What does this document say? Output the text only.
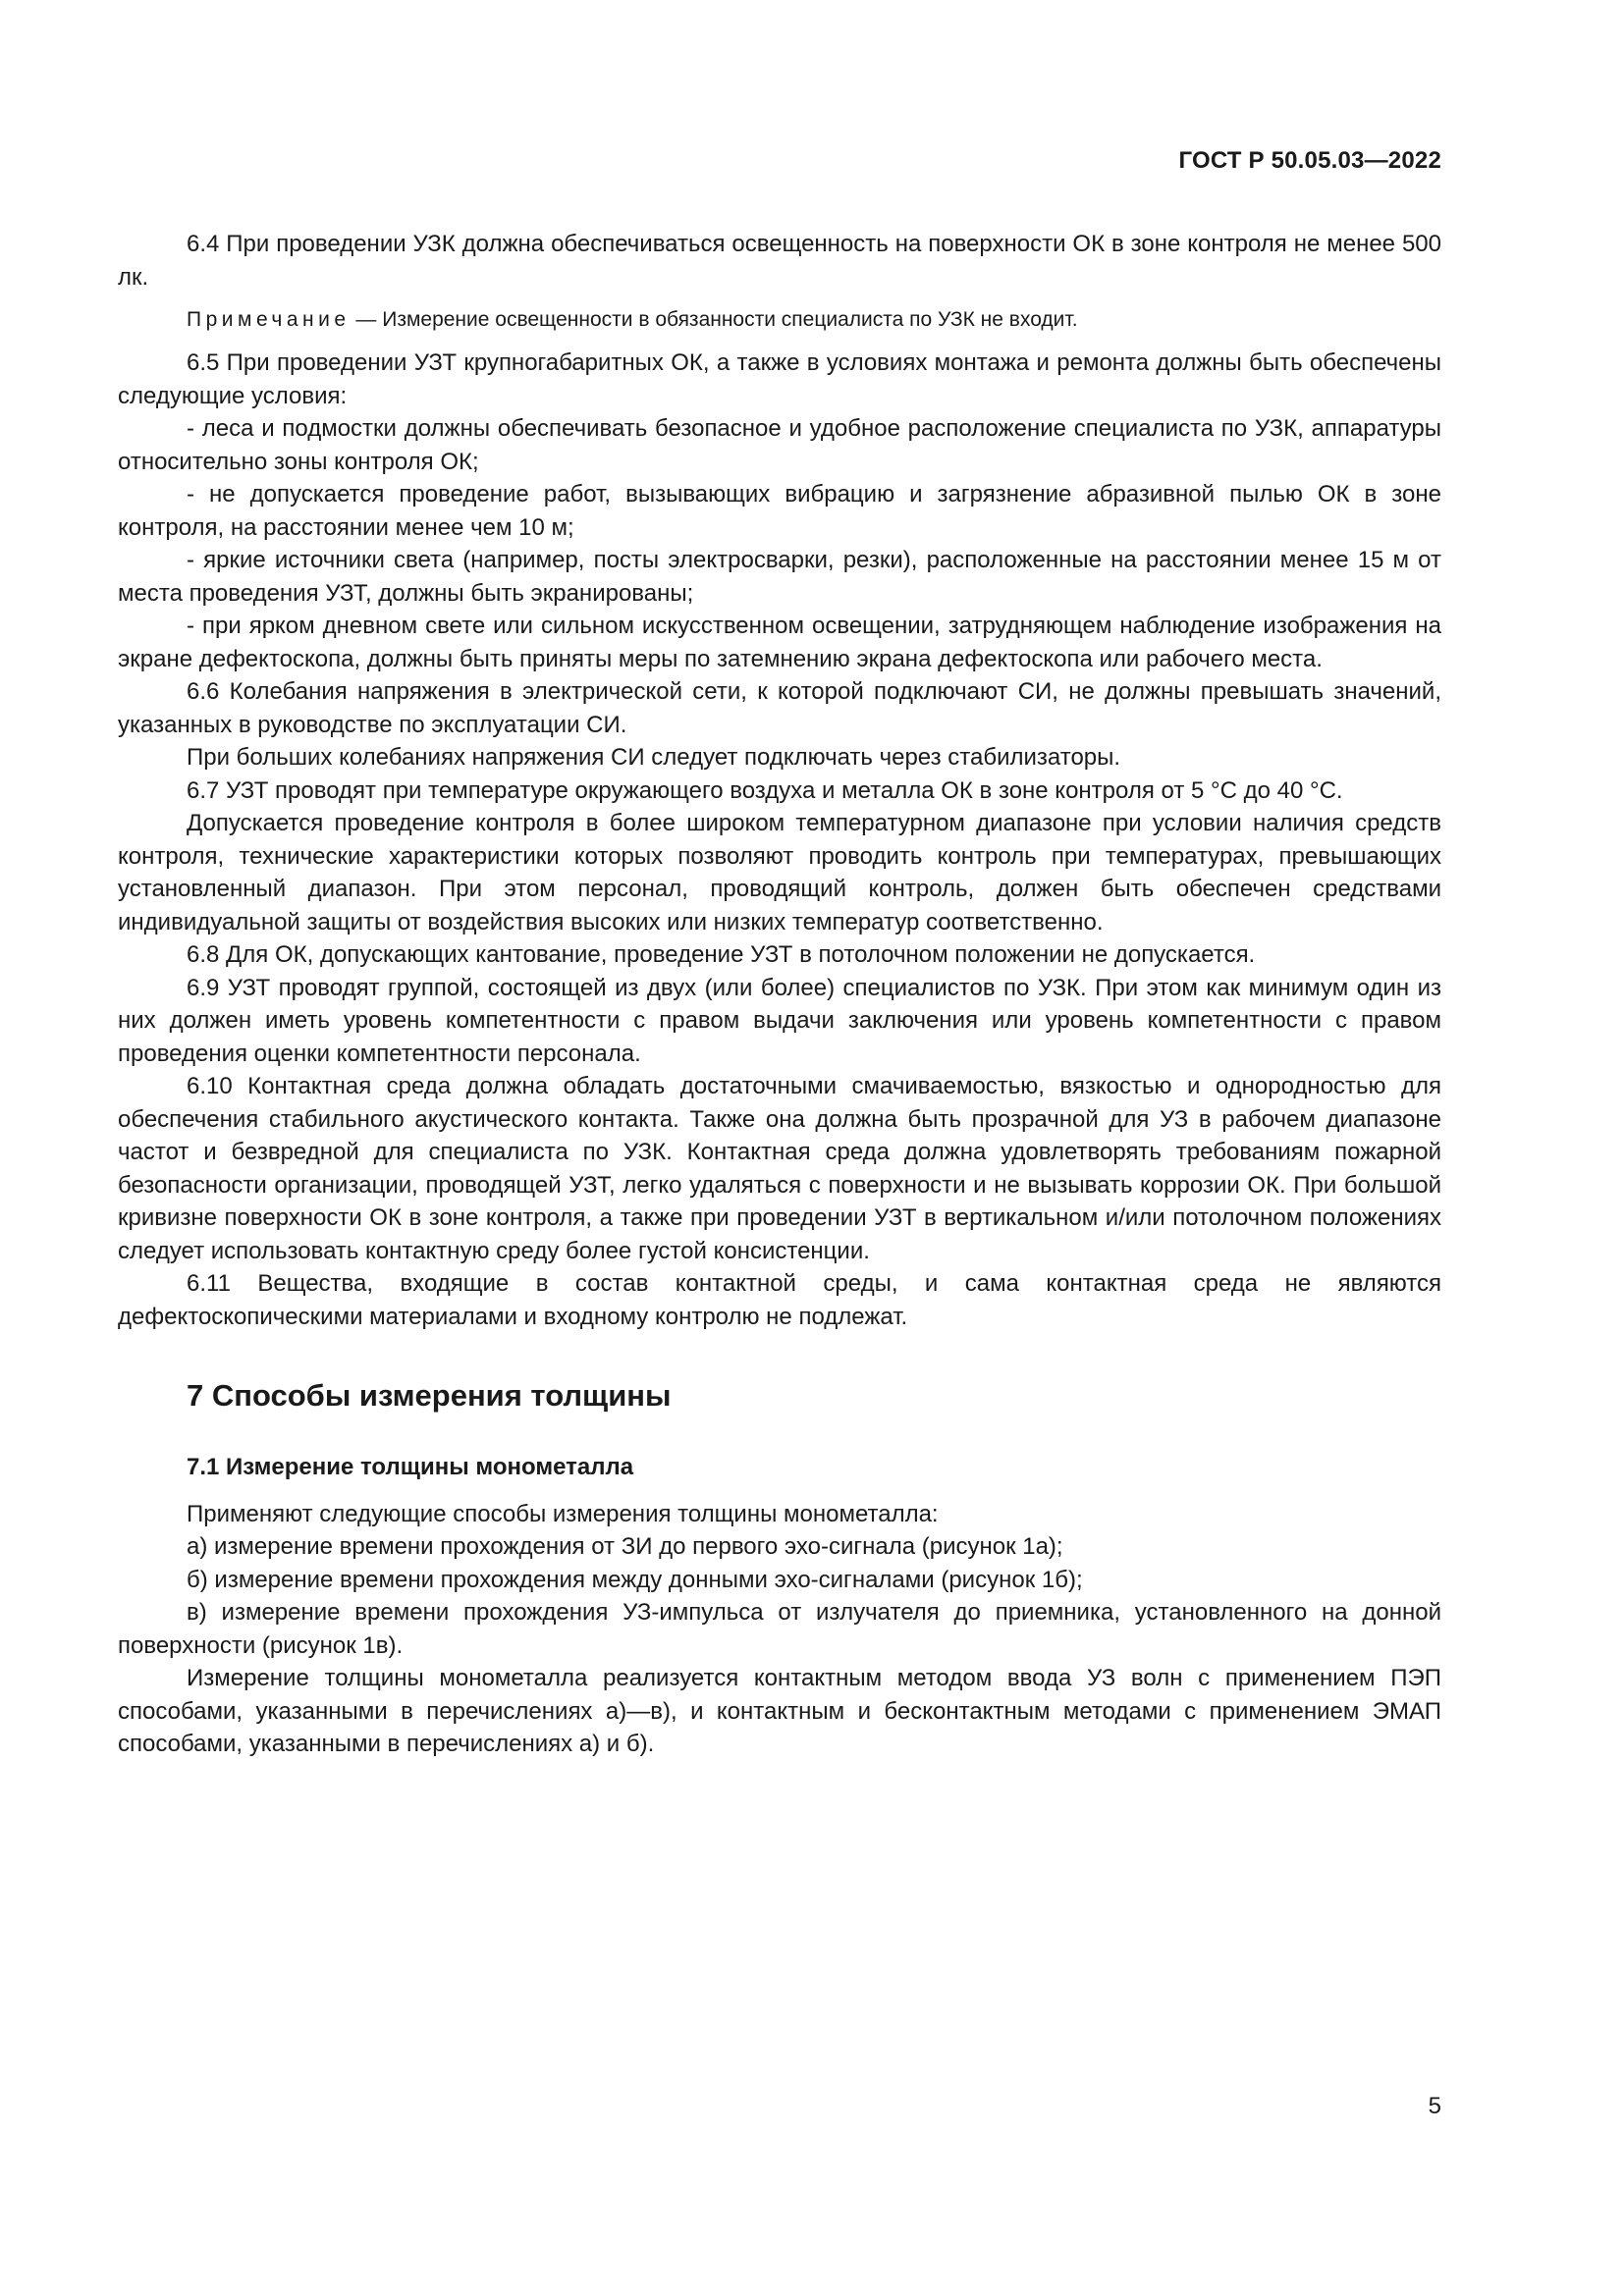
ГОСТ Р 50.05.03—2022

6.4 При проведении УЗК должна обеспечиваться освещенность на поверхности ОК в зоне контроля не менее 500 лк.

Примечание — Измерение освещенности в обязанности специалиста по УЗК не входит.

6.5 При проведении УЗТ крупногабаритных ОК, а также в условиях монтажа и ремонта должны быть обеспечены следующие условия:

- леса и подмостки должны обеспечивать безопасное и удобное расположение специалиста по УЗК, аппаратуры относительно зоны контроля ОК;

- не допускается проведение работ, вызывающих вибрацию и загрязнение абразивной пылью ОК в зоне контроля, на расстоянии менее чем 10 м;

- яркие источники света (например, посты электросварки, резки), расположенные на расстоянии менее 15 м от места проведения УЗТ, должны быть экранированы;

- при ярком дневном свете или сильном искусственном освещении, затрудняющем наблюдение изображения на экране дефектоскопа, должны быть приняты меры по затемнению экрана дефектоскопа или рабочего места.

6.6 Колебания напряжения в электрической сети, к которой подключают СИ, не должны превышать значений, указанных в руководстве по эксплуатации СИ.

При больших колебаниях напряжения СИ следует подключать через стабилизаторы.

6.7 УЗТ проводят при температуре окружающего воздуха и металла ОК в зоне контроля от 5 °С до 40 °С.

Допускается проведение контроля в более широком температурном диапазоне при условии наличия средств контроля, технические характеристики которых позволяют проводить контроль при температурах, превышающих установленный диапазон. При этом персонал, проводящий контроль, должен быть обеспечен средствами индивидуальной защиты от воздействия высоких или низких температур соответственно.

6.8 Для ОК, допускающих кантование, проведение УЗТ в потолочном положении не допускается.

6.9 УЗТ проводят группой, состоящей из двух (или более) специалистов по УЗК. При этом как минимум один из них должен иметь уровень компетентности с правом выдачи заключения или уровень компетентности с правом проведения оценки компетентности персонала.

6.10 Контактная среда должна обладать достаточными смачиваемостью, вязкостью и однородностью для обеспечения стабильного акустического контакта. Также она должна быть прозрачной для УЗ в рабочем диапазоне частот и безвредной для специалиста по УЗК. Контактная среда должна удовлетворять требованиям пожарной безопасности организации, проводящей УЗТ, легко удаляться с поверхности и не вызывать коррозии ОК. При большой кривизне поверхности ОК в зоне контроля, а также при проведении УЗТ в вертикальном и/или потолочном положениях следует использовать контактную среду более густой консистенции.

6.11 Вещества, входящие в состав контактной среды, и сама контактная среда не являются дефектоскопическими материалами и входному контролю не подлежат.

7 Способы измерения толщины
7.1 Измерение толщины монометалла

Применяют следующие способы измерения толщины монометалла:

а) измерение времени прохождения от ЗИ до первого эхо-сигнала (рисунок 1а);

б) измерение времени прохождения между донными эхо-сигналами (рисунок 1б);

в) измерение времени прохождения УЗ-импульса от излучателя до приемника, установленного на донной поверхности (рисунок 1в).

Измерение толщины монометалла реализуется контактным методом ввода УЗ волн с применением ПЭП способами, указанными в перечислениях а)—в), и контактным и бесконтактным методами с применением ЭМАП способами, указанными в перечислениях а) и б).

5
